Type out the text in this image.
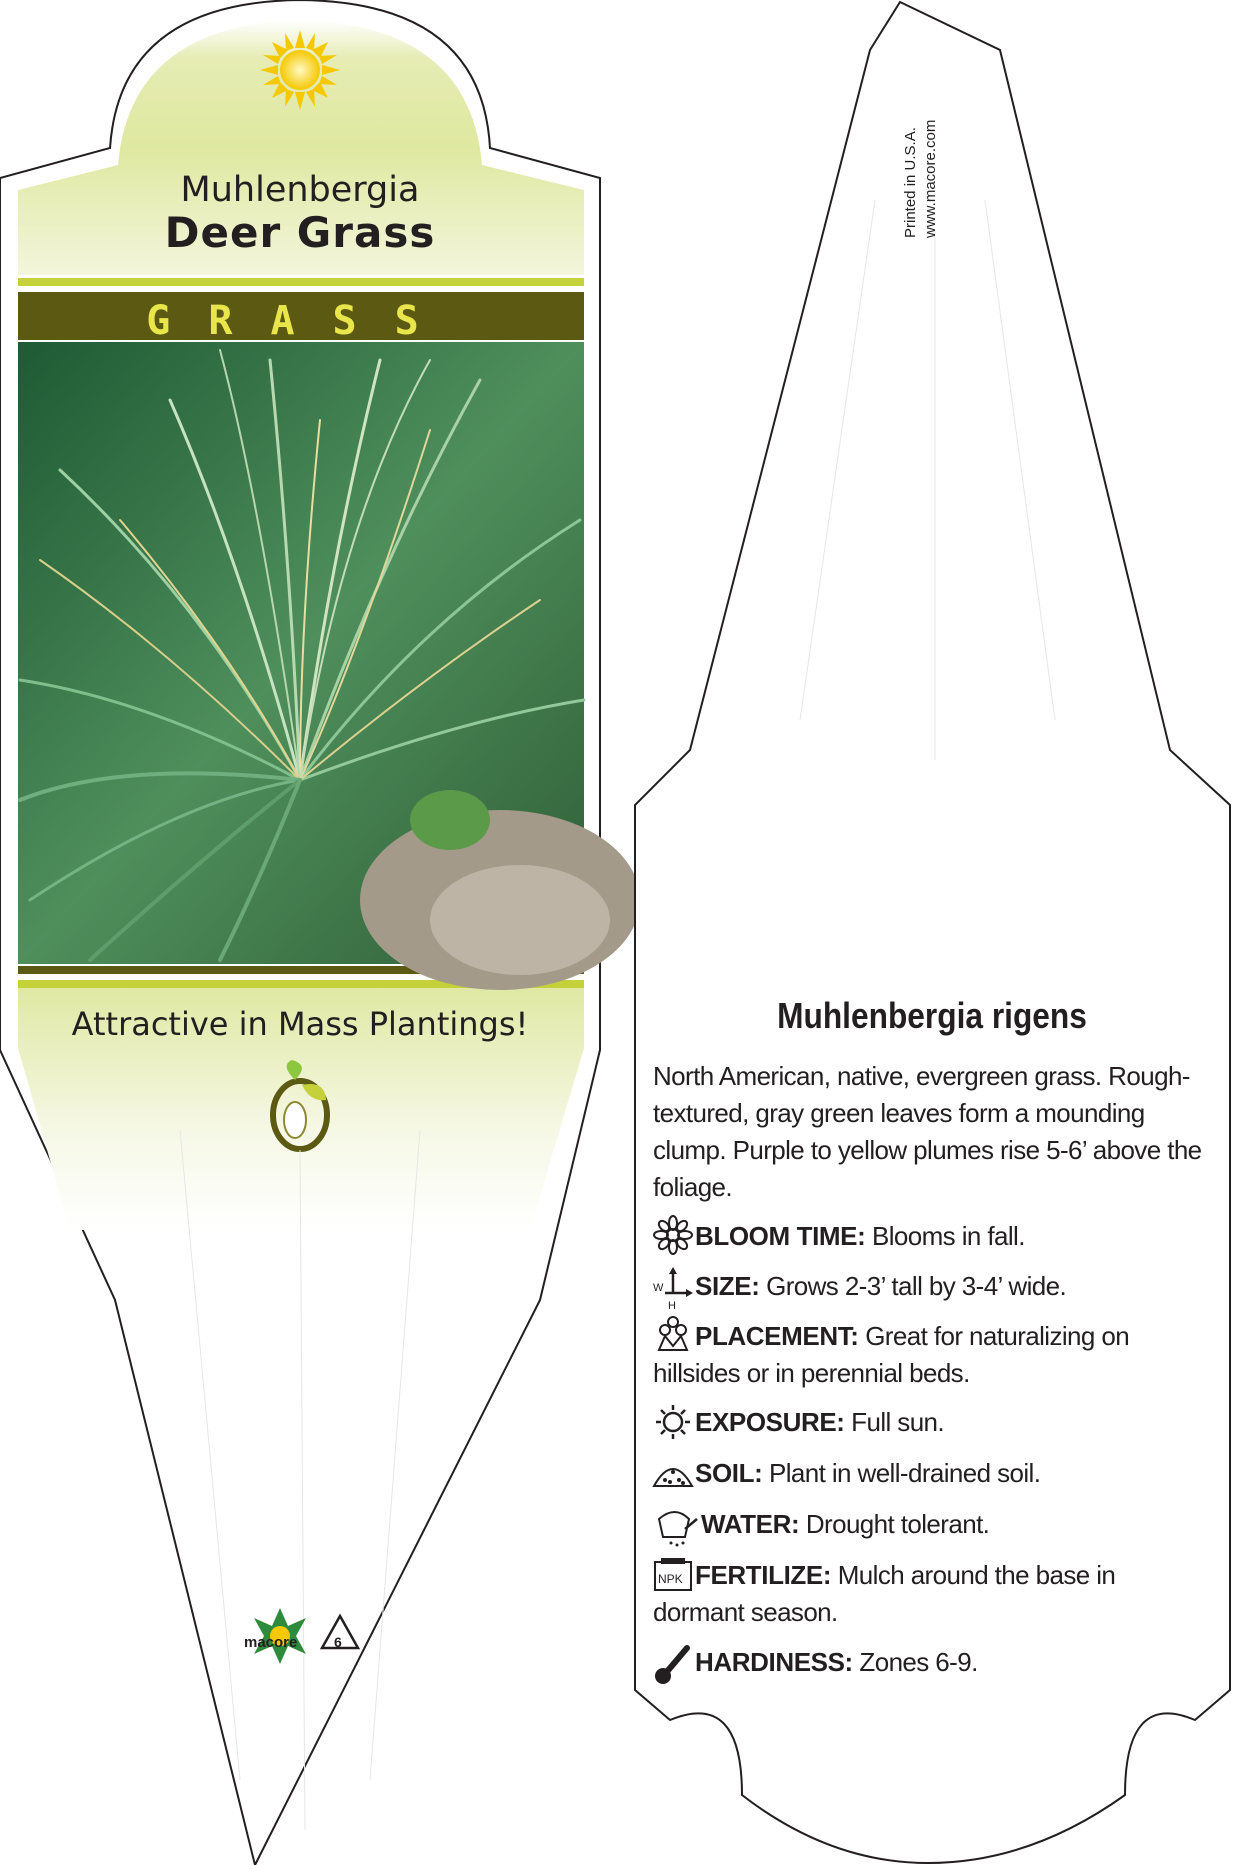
W
H
NPK
Muhlenbergia
Deer Grass
GRASS
Attractive in Mass Plantings!
macore	6
Printed in U.S.A. www.macore.com
Muhlenbergia rigens
North American, native, evergreen grass. Rough-textured, gray green leaves form a mounding clump. Purple to yellow plumes rise 5-6’ above the foliage.
BLOOM TIME: Blooms in fall.
SIZE: Grows 2-3’ tall by 3-4’ wide.
PLACEMENT: Great for naturalizing on hillsides or in perennial beds.
EXPOSURE: Full sun.
SOIL: Plant in well-drained soil.
WATER: Drought tolerant.
FERTILIZE: Mulch around the base in dormant season.
HARDINESS: Zones 6-9.
